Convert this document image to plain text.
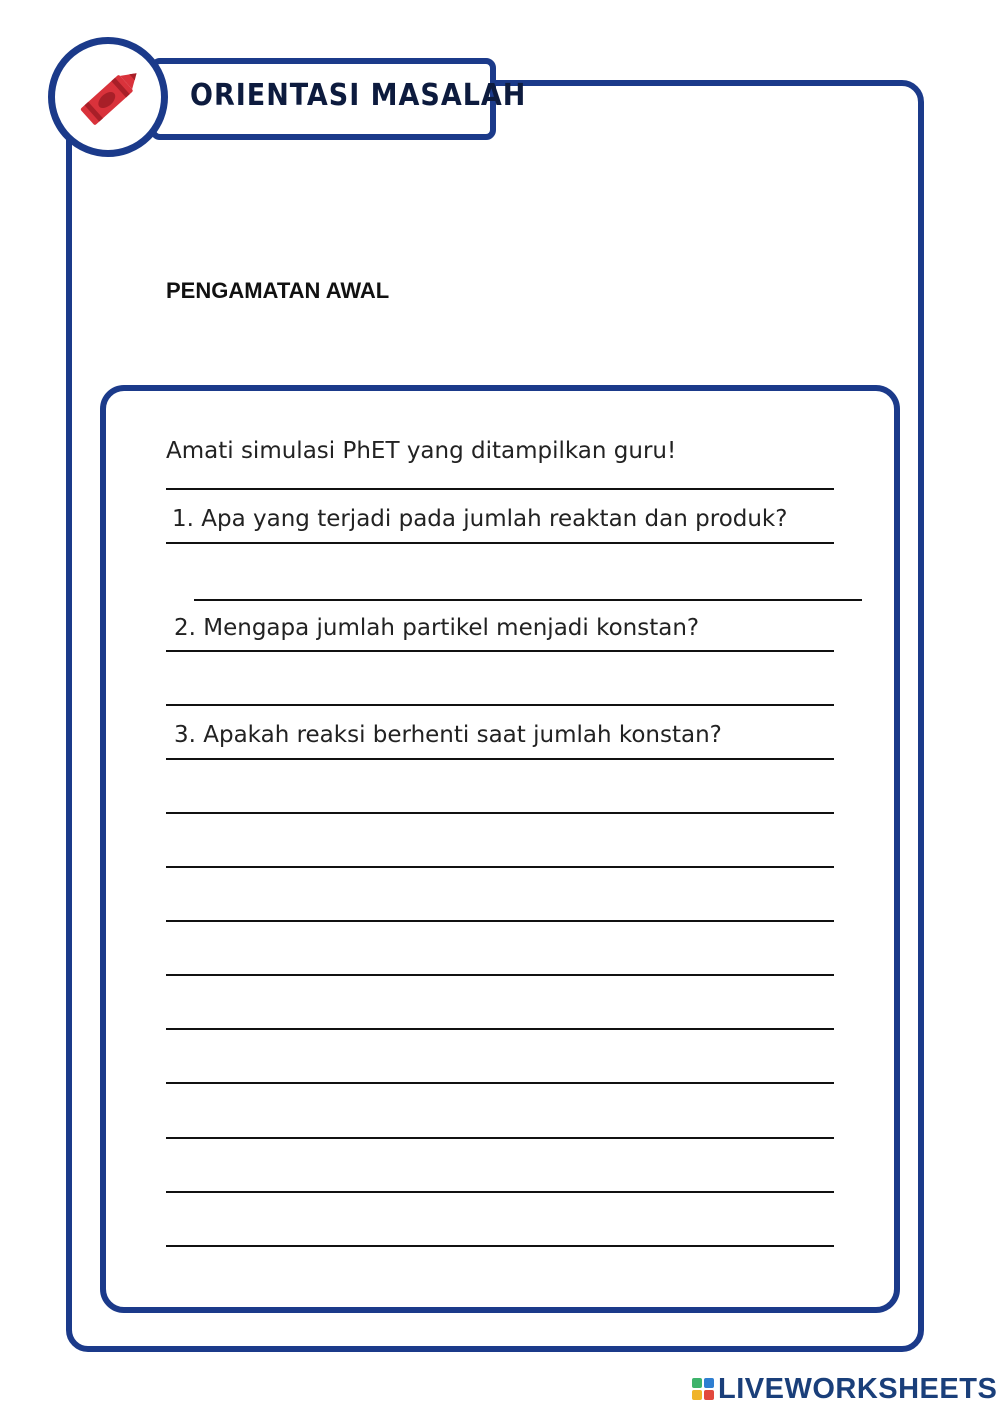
ORIENTASI MASALAH
PENGAMATAN AWAL
Amati simulasi PhET yang ditampilkan guru!
1. Apa yang terjadi pada jumlah reaktan dan produk?
2. Mengapa jumlah partikel menjadi konstan?
3. Apakah reaksi berhenti saat jumlah konstan?
LIVEWORKSHEETS
